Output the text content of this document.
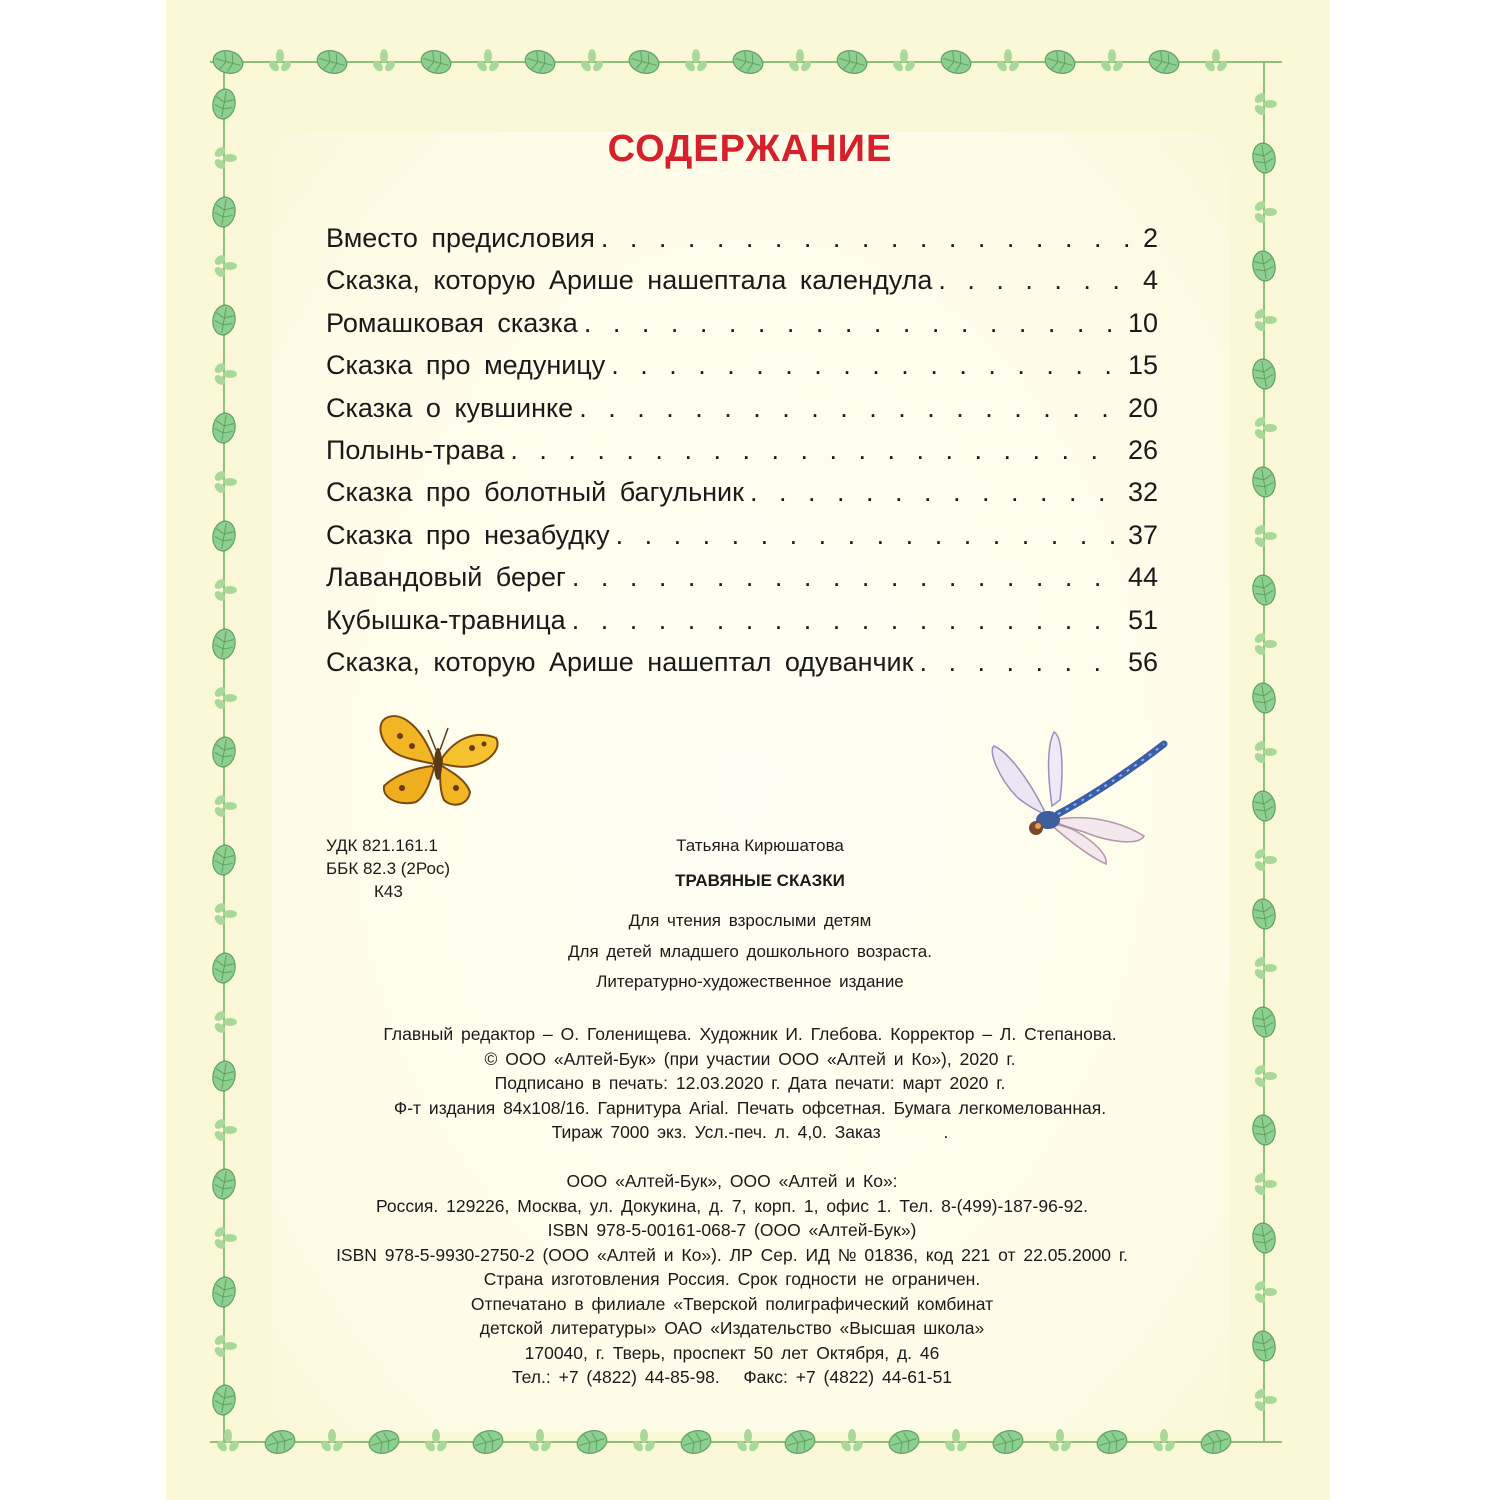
СОДЕРЖАНИЕ
Вместо предисловия . . .	2
Сказка, которую Арише нашептала календула . . .	4
Ромашковая сказка . . .	10
Сказка про медуницу . . .	15
Сказка о кувшинке . . .	20
Полынь-трава . . .	26
Сказка про болотный багульник . . .	32
Сказка про незабудку . . .	37
Лавандовый берег . . .	44
Кубышка-травница . . .	51
Сказка, которую Арише нашептал одуванчик . . .	56
УДК 821.161.1
ББК 82.3 (2Рос)
К43
Татьяна Кирюшатова
ТРАВЯНЫЕ СКАЗКИ
Для чтения взрослыми детям
Для детей младшего дошкольного возраста.
Литературно-художественное издание
Главный редактор – О. Голенищева. Художник И. Глебова. Корректор – Л. Степанова.
© ООО «Алтей-Бук» (при участии ООО «Алтей и Ко»), 2020 г.
Подписано в печать: 12.03.2020 г. Дата печати: март 2020 г.
Ф-т издания 84x108/16. Гарнитура Arial. Печать офсетная. Бумага легкомелованная.
Тираж 7000 экз. Усл.-печ. л. 4,0. Заказ        .
ООО «Алтей-Бук», ООО «Алтей и Ко»:
Россия. 129226, Москва, ул. Докукина, д. 7, корп. 1, офис 1. Тел. 8-(499)-187-96-92.
ISBN 978-5-00161-068-7 (ООО «Алтей-Бук»)
ISBN 978-5-9930-2750-2 (ООО «Алтей и Ко»). ЛР Сер. ИД № 01836, код 221 от 22.05.2000 г.
Страна изготовления Россия. Срок годности не ограничен.
Отпечатано в филиале «Тверской полиграфический комбинат
детской литературы» ОАО «Издательство «Высшая школа»
170040, г. Тверь, проспект 50 лет Октября, д. 46
Тел.: +7 (4822) 44-85-98.   Факс: +7 (4822) 44-61-51
